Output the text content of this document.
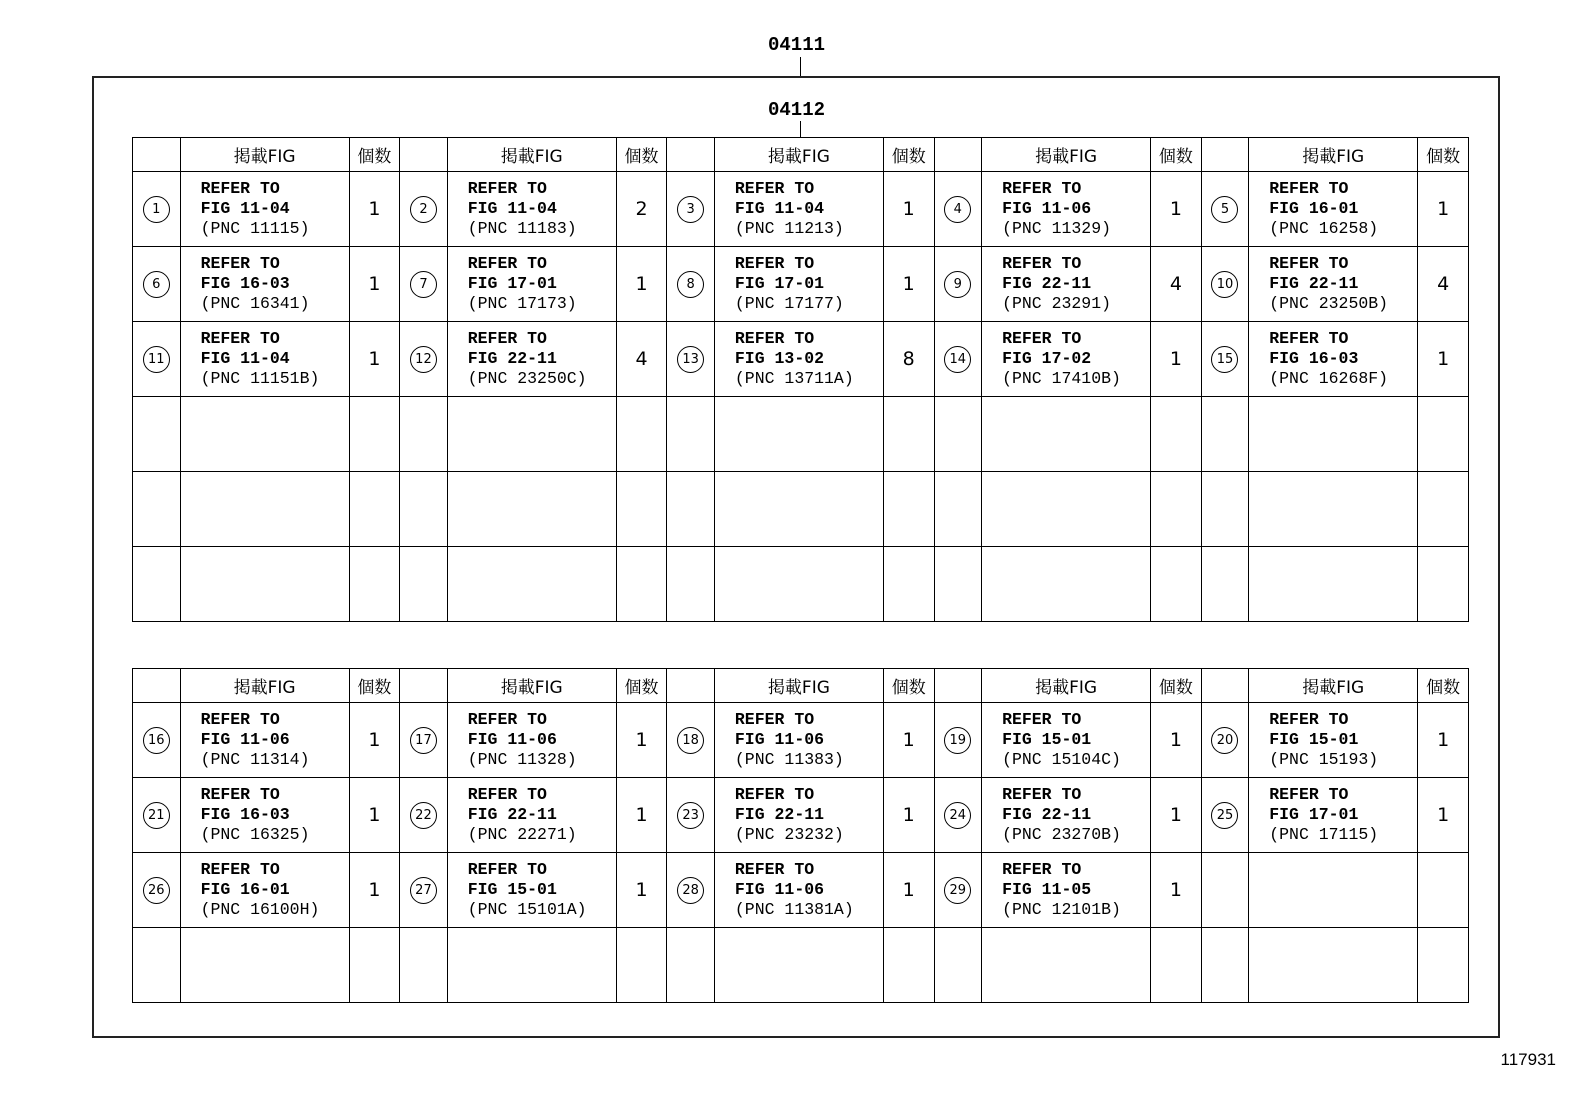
04111
04112
	掲載FIG	個数		掲載FIG	個数		掲載FIG	個数		掲載FIG	個数		掲載FIG	個数
1	REFER TO
FIG 11-04
(PNC 11115)	1	2	REFER TO
FIG 11-04
(PNC 11183)	2	3	REFER TO
FIG 11-04
(PNC 11213)	1	4	REFER TO
FIG 11-06
(PNC 11329)	1	5	REFER TO
FIG 16-01
(PNC 16258)	1
6	REFER TO
FIG 16-03
(PNC 16341)	1	7	REFER TO
FIG 17-01
(PNC 17173)	1	8	REFER TO
FIG 17-01
(PNC 17177)	1	9	REFER TO
FIG 22-11
(PNC 23291)	4	10	REFER TO
FIG 22-11
(PNC 23250B)	4
11	REFER TO
FIG 11-04
(PNC 11151B)	1	12	REFER TO
FIG 22-11
(PNC 23250C)	4	13	REFER TO
FIG 13-02
(PNC 13711A)	8	14	REFER TO
FIG 17-02
(PNC 17410B)	1	15	REFER TO
FIG 16-03
(PNC 16268F)	1

	掲載FIG	個数		掲載FIG	個数		掲載FIG	個数		掲載FIG	個数		掲載FIG	個数
16	REFER TO
FIG 11-06
(PNC 11314)	1	17	REFER TO
FIG 11-06
(PNC 11328)	1	18	REFER TO
FIG 11-06
(PNC 11383)	1	19	REFER TO
FIG 15-01
(PNC 15104C)	1	20	REFER TO
FIG 15-01
(PNC 15193)	1
21	REFER TO
FIG 16-03
(PNC 16325)	1	22	REFER TO
FIG 22-11
(PNC 22271)	1	23	REFER TO
FIG 22-11
(PNC 23232)	1	24	REFER TO
FIG 22-11
(PNC 23270B)	1	25	REFER TO
FIG 17-01
(PNC 17115)	1
26	REFER TO
FIG 16-01
(PNC 16100H)	1	27	REFER TO
FIG 15-01
(PNC 15101A)	1	28	REFER TO
FIG 11-06
(PNC 11381A)	1	29	REFER TO
FIG 11-05
(PNC 12101B)	1			

117931
